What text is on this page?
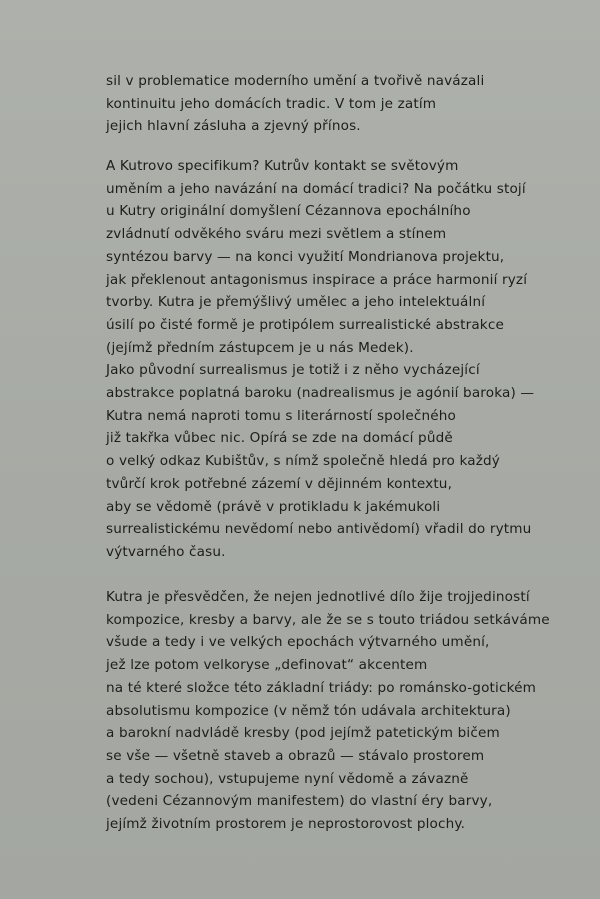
sil v problematice moderního umění a tvořivě navázali
kontinuitu jeho domácích tradic. V tom je zatím
jejich hlavní zásluha a zjevný přínos.
A Kutrovo specifikum? Kutrův kontakt se světovým
uměním a jeho navázání na domácí tradici? Na počátku stojí
u Kutry originální domyšlení Cézannova epochálního
zvládnutí odvěkého sváru mezi světlem a stínem
syntézou barvy — na konci využití Mondrianova projektu,
jak překlenout antagonismus inspirace a práce harmonií ryzí
tvorby. Kutra je přemýšlivý umělec a jeho intelektuální
úsilí po čisté formě je protipólem surrealistické abstrakce
(jejímž předním zástupcem je u nás Medek).
Jako původní surrealismus je totiž i z něho vycházející
abstrakce poplatná baroku (nadrealismus je agónií baroka) —
Kutra nemá naproti tomu s literárností společného
již takřka vůbec nic. Opírá se zde na domácí půdě
o velký odkaz Kubištův, s nímž společně hledá pro každý
tvůrčí krok potřebné zázemí v dějinném kontextu,
aby se vědomě (právě v protikladu k jakémukoli
surrealistickému nevědomí nebo antivědomí) vřadil do rytmu
výtvarného času.
Kutra je přesvědčen, že nejen jednotlivé dílo žije trojjediností
kompozice, kresby a barvy, ale že se s touto triádou setkáváme
všude a tedy i ve velkých epochách výtvarného umění,
jež lze potom velkoryse „definovat“ akcentem
na té které složce této základní triády: po románsko-gotickém
absolutismu kompozice (v němž tón udávala architektura)
a barokní nadvládě kresby (pod jejímž patetickým bičem
se vše — všetně staveb a obrazů — stávalo prostorem
a tedy sochou), vstupujeme nyní vědomě a závazně
(vedeni Cézannovým manifestem) do vlastní éry barvy,
jejímž životním prostorem je neprostorovost plochy.
